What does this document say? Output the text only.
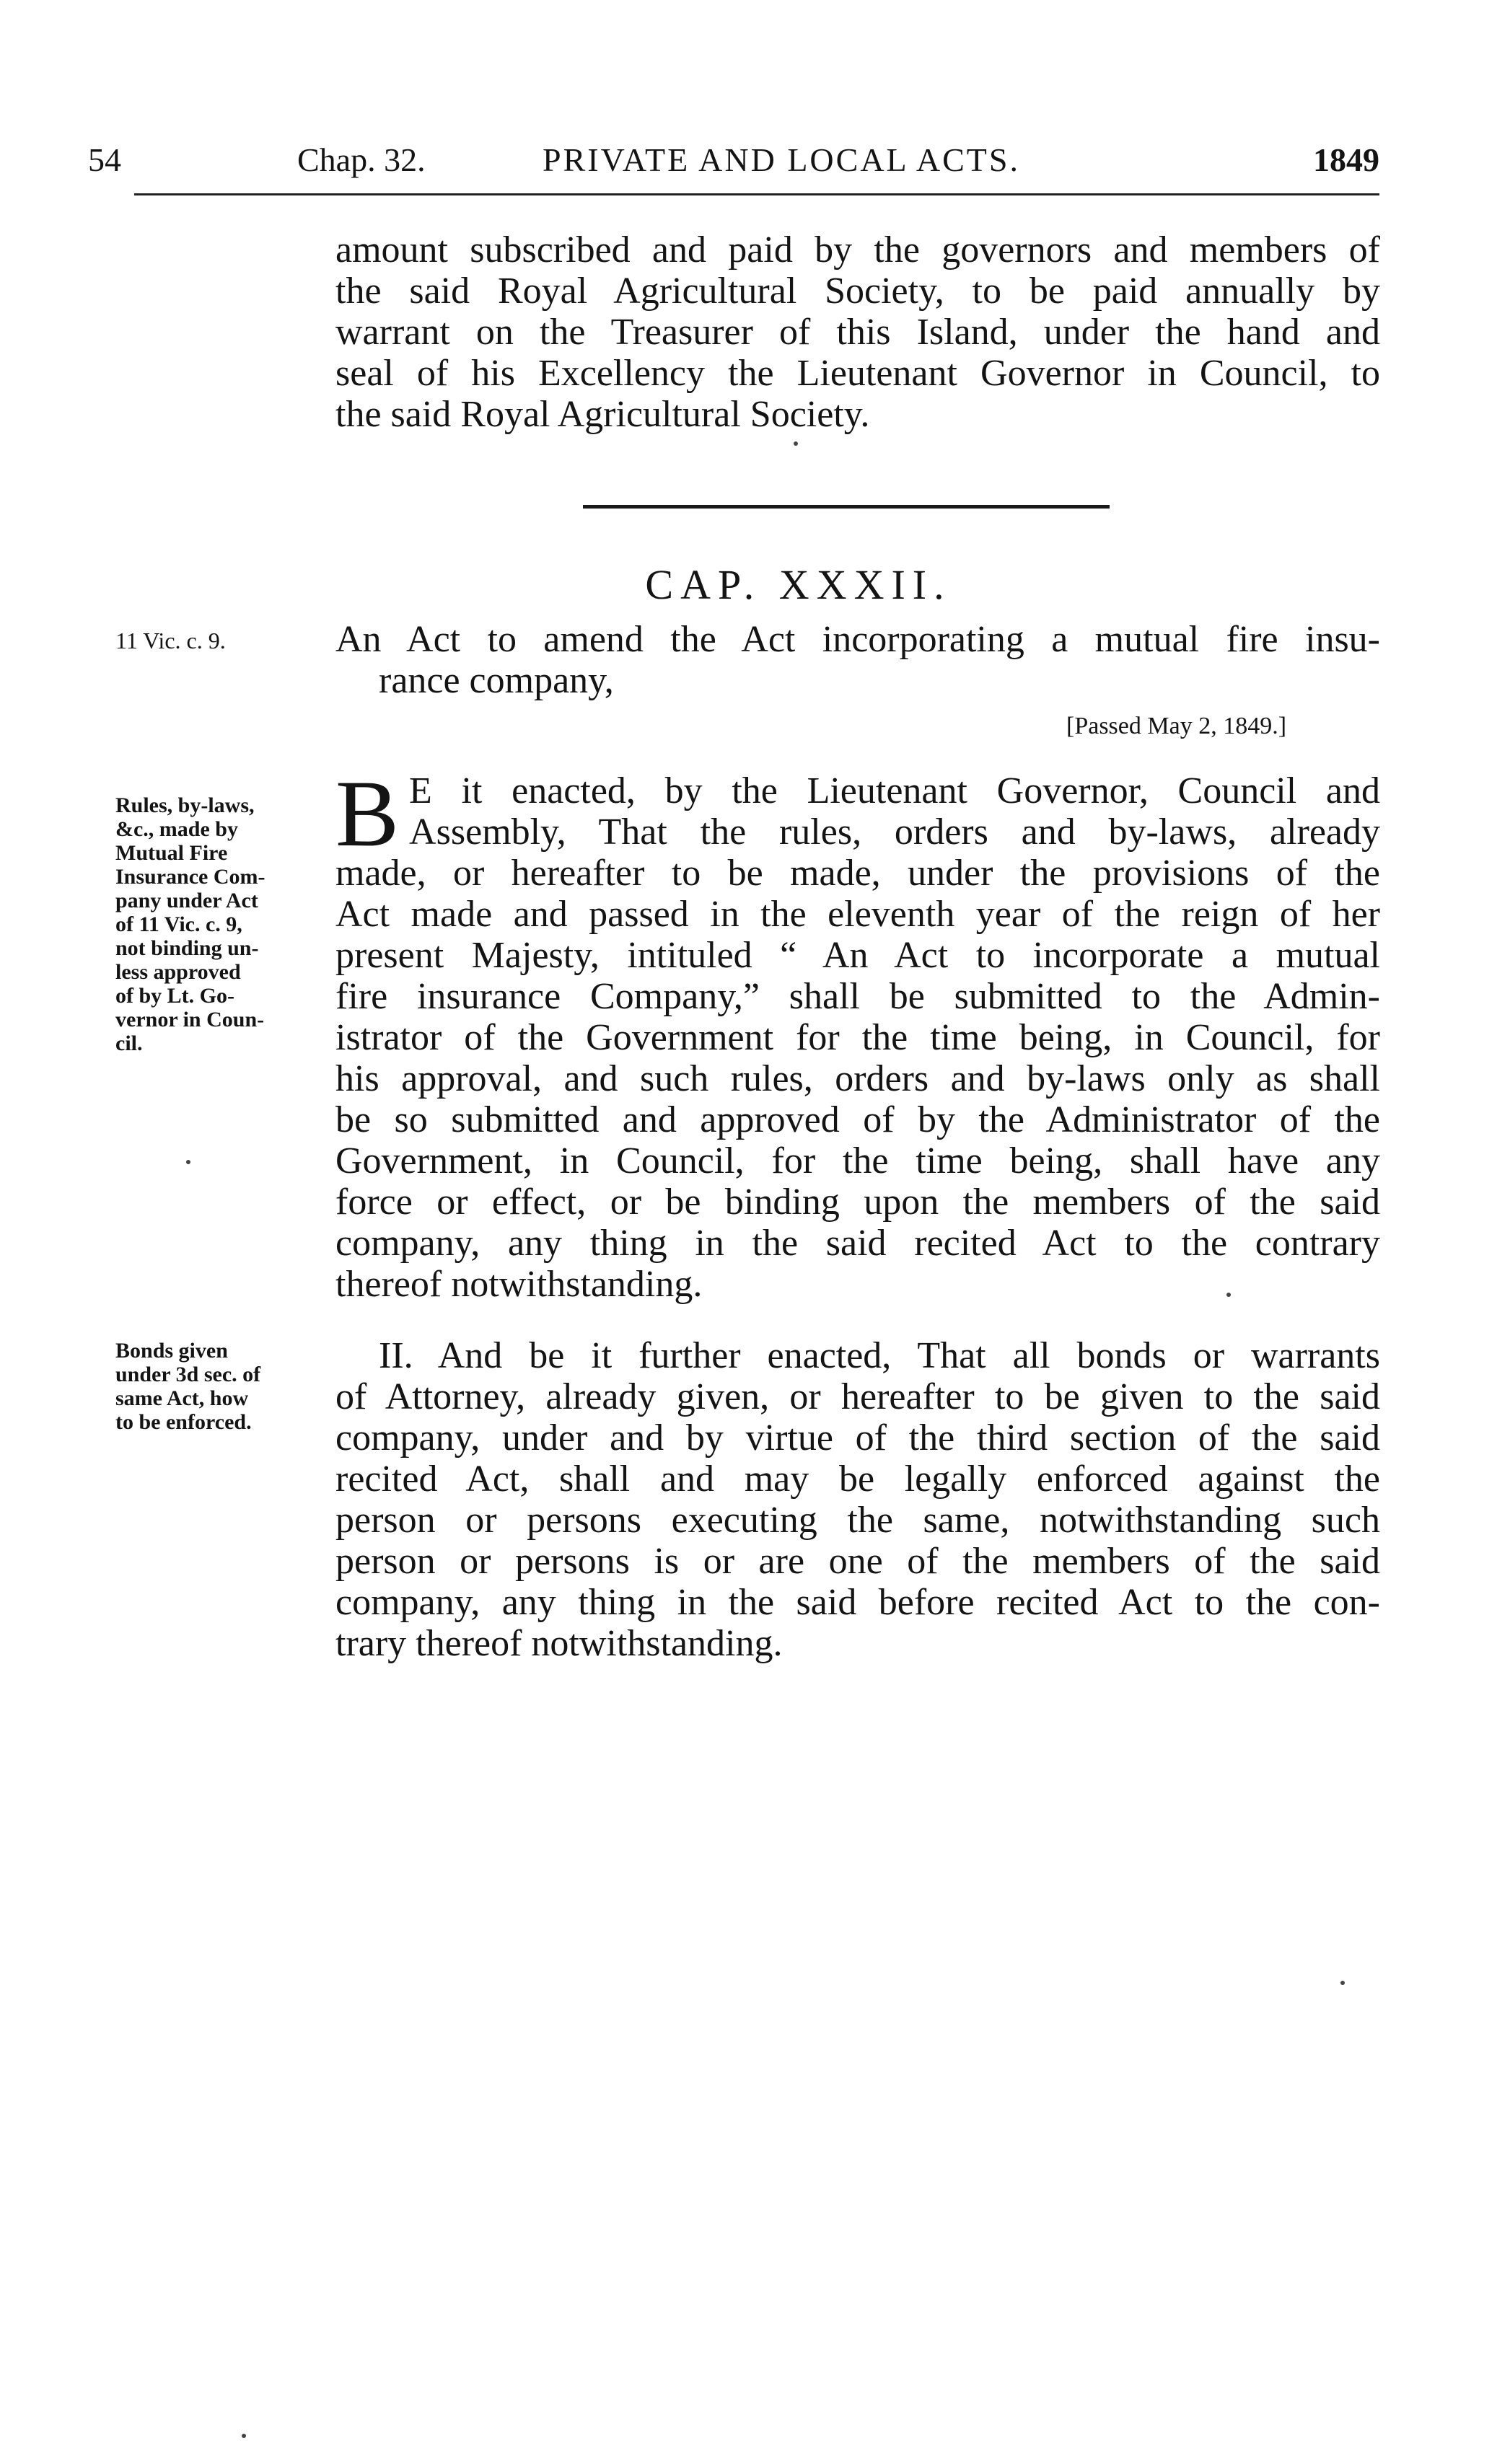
54	Chap. 32.	PRIVATE AND LOCAL ACTS.	1849
amount subscribed and paid by the governors and members of
the said Royal Agricultural Society, to be paid annually by
warrant on the Treasurer of this Island, under the hand and
seal of his Excellency the Lieutenant Governor in Council, to
the said Royal Agricultural Society.
CAP. XXXII.
11 Vic. c. 9.	An Act to amend the Act incorporating a mutual fire insu-
rance company,
[Passed May 2, 1849.]
Rules, by-laws,
&c., made by
Mutual Fire
Insurance Com-
pany under Act
of 11 Vic. c. 9,
not binding un-
less approved
of by Lt. Go-
vernor in Coun-
cil.
B E it enacted, by the Lieutenant Governor, Council and
Assembly, That the rules, orders and by-laws, already
made, or hereafter to be made, under the provisions of the
Act made and passed in the eleventh year of the reign of her
present Majesty, intituled “ An Act to incorporate a mutual
fire insurance Company,” shall be submitted to the Admin-
istrator of the Government for the time being, in Council, for
his approval, and such rules, orders and by-laws only as shall
be so submitted and approved of by the Administrator of the
Government, in Council, for the time being, shall have any
force or effect, or be binding upon the members of the said
company, any thing in the said recited Act to the contrary
thereof notwithstanding.
Bonds given
under 3d sec. of
same Act, how
to be enforced.
II. And be it further enacted, That all bonds or warrants
of Attorney, already given, or hereafter to be given to the said
company, under and by virtue of the third section of the said
recited Act, shall and may be legally enforced against the
person or persons executing the same, notwithstanding such
person or persons is or are one of the members of the said
company, any thing in the said before recited Act to the con-
trary thereof notwithstanding.
